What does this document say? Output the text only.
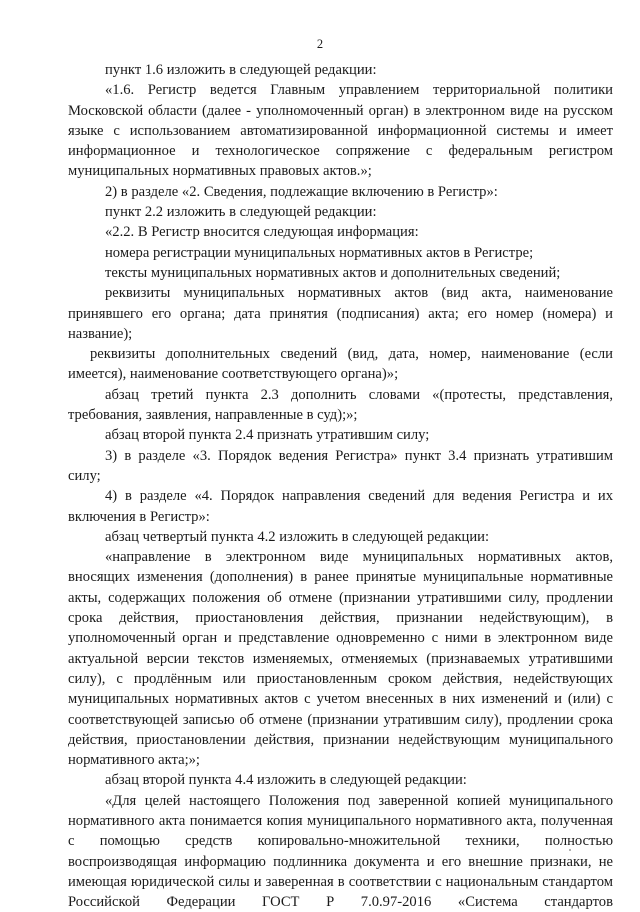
2

пункт 1.6 изложить в следующей редакции:

«1.6. Регистр ведется Главным управлением территориальной политики Московской области (далее - уполномоченный орган) в электронном виде на русском языке с использованием автоматизированной информационной системы и имеет информационное и технологическое сопряжение с федеральным регистром муниципальных нормативных правовых актов.»;

2) в разделе «2. Сведения, подлежащие включению в Регистр»:

пункт 2.2 изложить в следующей редакции:

«2.2. В Регистр вносится следующая информация:

номера регистрации муниципальных нормативных актов в Регистре;

тексты муниципальных нормативных актов и дополнительных сведений;

реквизиты муниципальных нормативных актов (вид акта, наименование принявшего его органа; дата принятия (подписания) акта; его номер (номера) и название);

реквизиты дополнительных сведений (вид, дата, номер, наименование (если имеется), наименование соответствующего органа)»;

абзац третий пункта 2.3 дополнить словами «(протесты, представления, требования, заявления, направленные в суд);»;

абзац второй пункта 2.4 признать утратившим силу;

3) в разделе «3. Порядок ведения Регистра» пункт 3.4 признать утратившим силу;

4) в разделе «4. Порядок направления сведений для ведения Регистра и их включения в Регистр»:

абзац четвертый пункта 4.2 изложить в следующей редакции:

«направление в электронном виде муниципальных нормативных актов, вносящих изменения (дополнения) в ранее принятые муниципальные нормативные акты, содержащих положения об отмене (признании утратившими силу, продлении срока действия, приостановления действия, признании недействующим), в уполномоченный орган и представление одновременно с ними в электронном виде актуальной версии текстов изменяемых, отменяемых (признаваемых утратившими силу), с продлённым или приостановленным сроком действия, недействующих муниципальных нормативных актов с учетом внесенных в них изменений и (или) с соответствующей записью об отмене (признании утратившим силу), продлении срока действия, приостановлении действия, признании недействующим муниципального нормативного акта;»;

абзац второй пункта 4.4 изложить в следующей редакции:

«Для целей настоящего Положения под заверенной копией муниципального нормативного акта понимается копия муниципального нормативного акта, полученная с помощью средств копировально-множительной техники, полностью воспроизводящая информацию подлинника документа и его внешние признаки, не имеющая юридической силы и заверенная в соответствии с национальным стандартом Российской Федерации ГОСТ Р 7.0.97-2016 «Система стандартов
